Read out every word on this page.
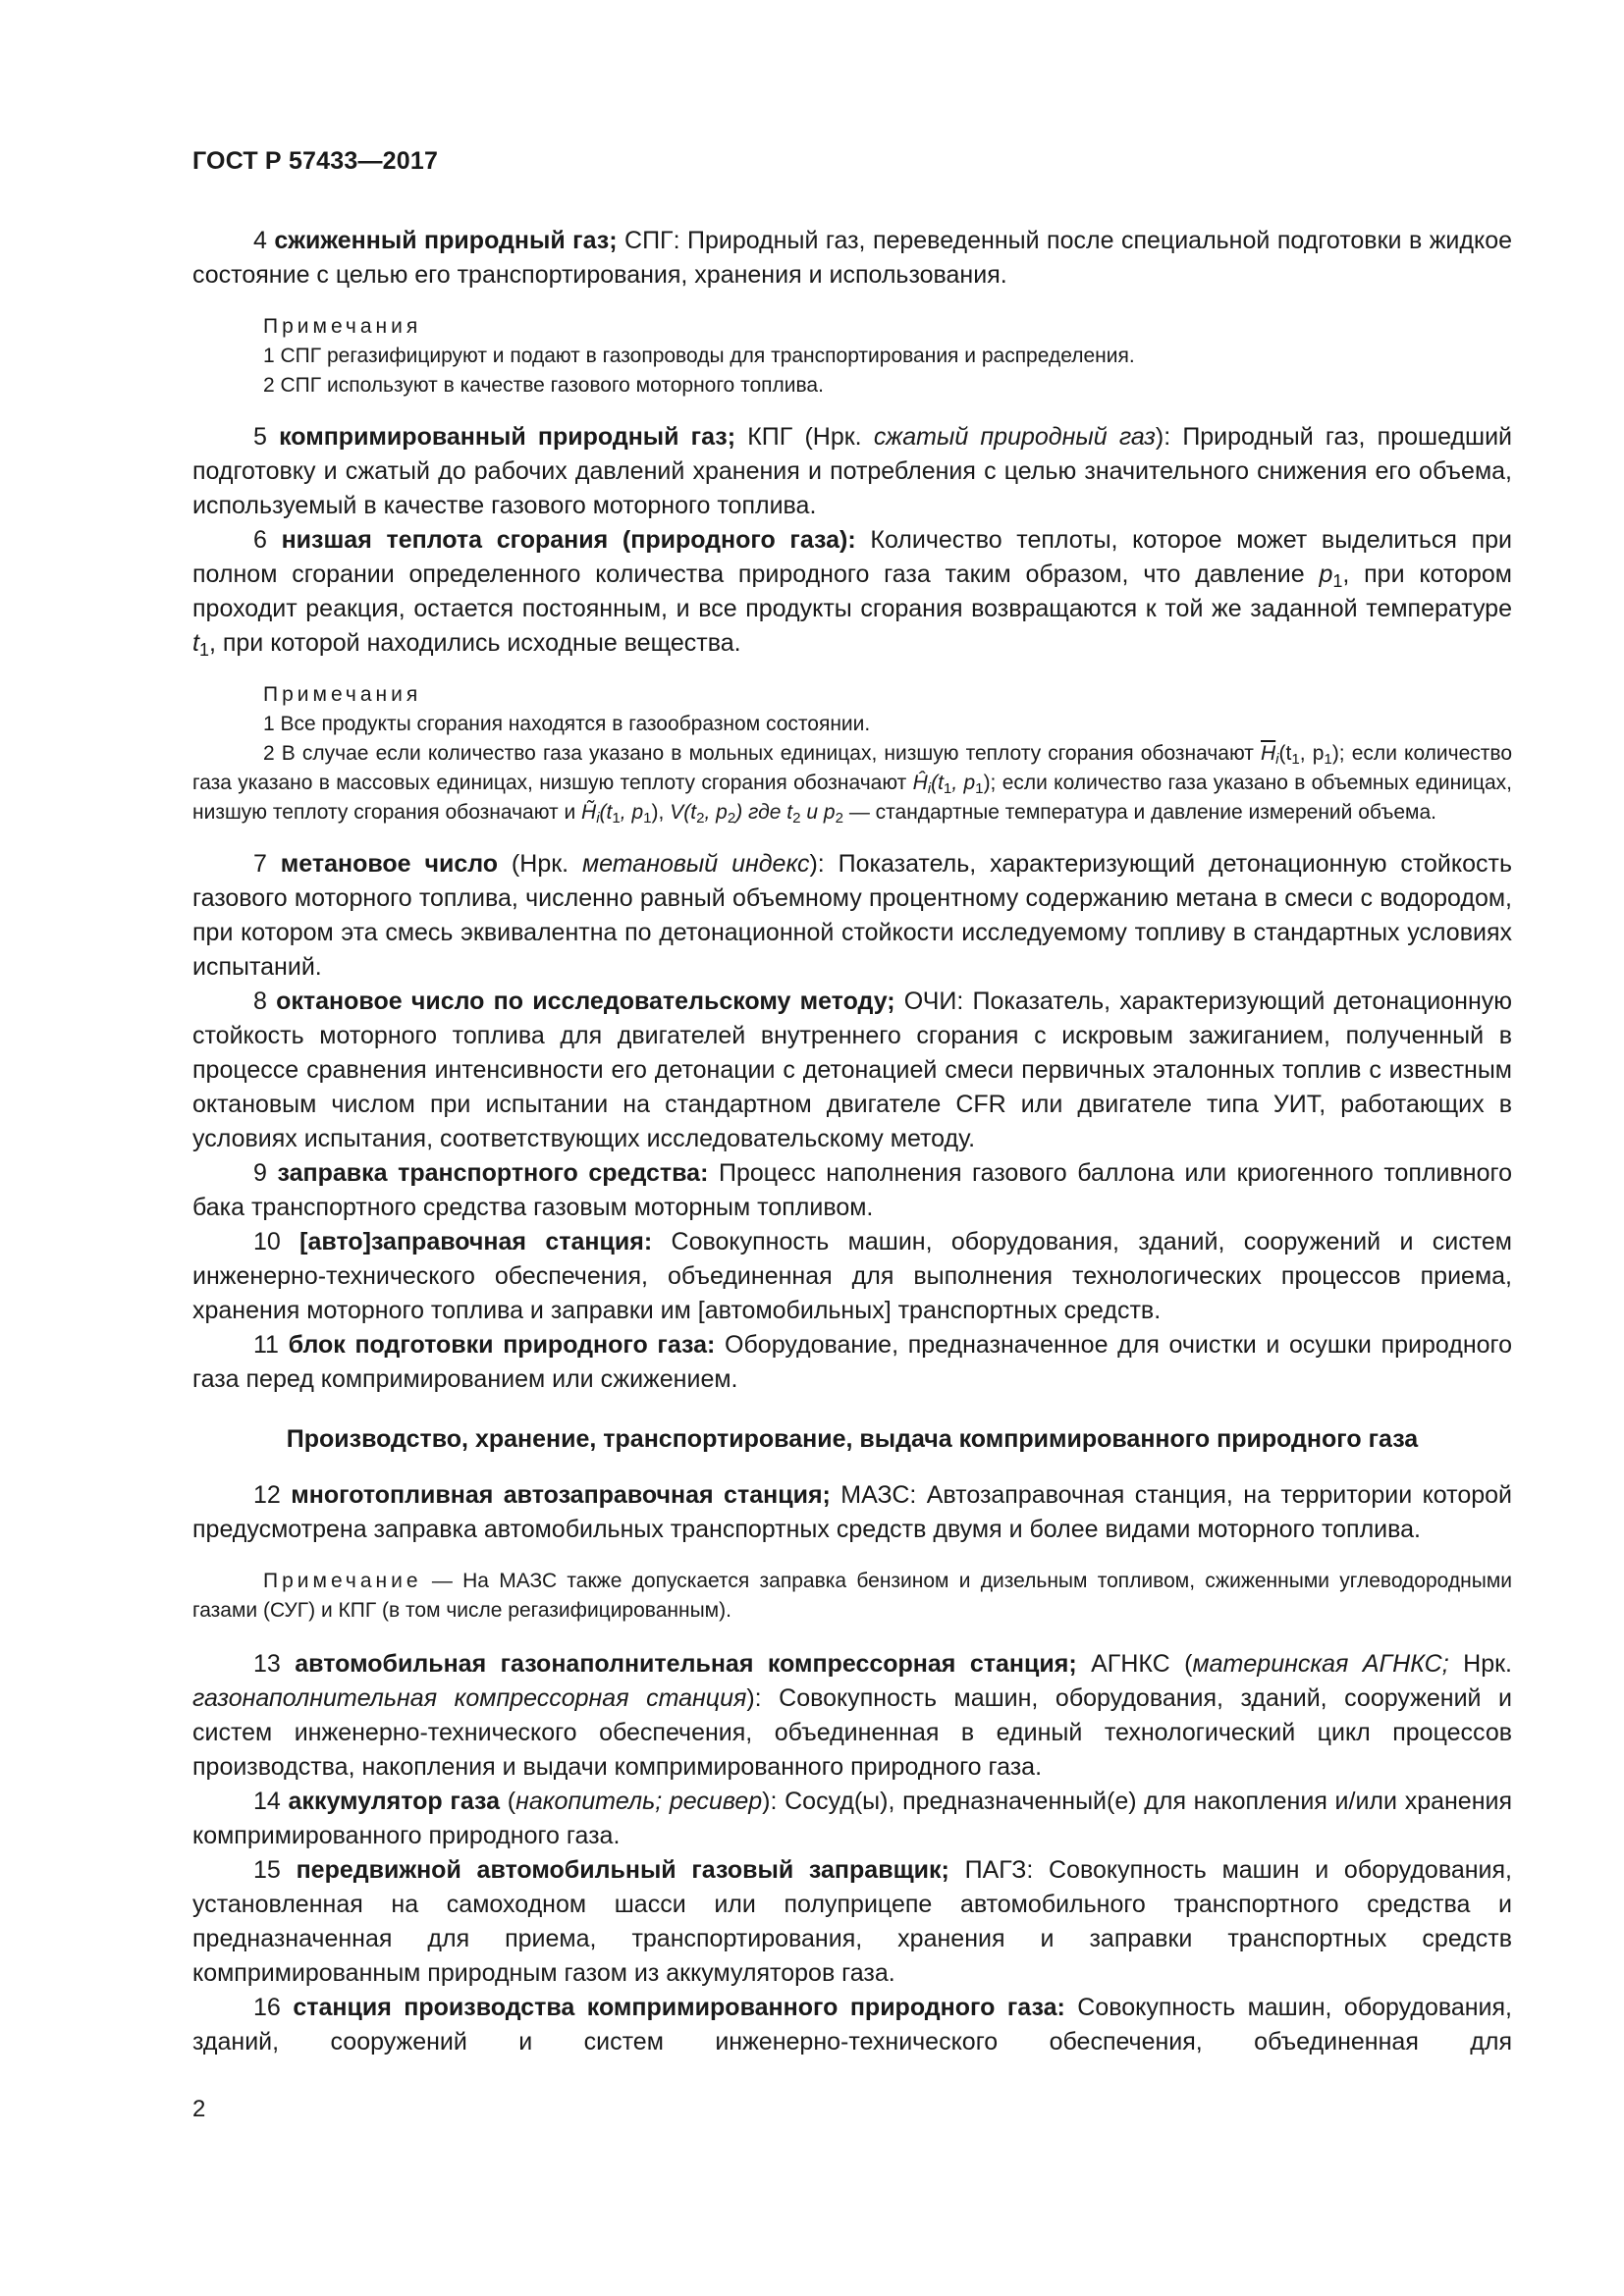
ГОСТ Р 57433—2017

4 сжиженный природный газ; СПГ: Природный газ, переведенный после специальной подготовки в жидкое состояние с целью его транспортирования, хранения и использования.

Примечания

1 СПГ регазифицируют и подают в газопроводы для транспортирования и распределения.

2 СПГ используют в качестве газового моторного топлива.

5 компримированный природный газ; КПГ (Нрк. сжатый природный газ): Природный газ, прошедший подготовку и сжатый до рабочих давлений хранения и потребления с целью значительного снижения его объема, используемый в качестве газового моторного топлива.

6 низшая теплота сгорания (природного газа): Количество теплоты, которое может выделиться при полном сгорании определенного количества природного газа таким образом, что давление $p_1$, при котором проходит реакция, остается постоянным, и все продукты сгорания возвращаются к той же заданной температуре $t_1$, при которой находились исходные вещества.

Примечания

1 Все продукты сгорания находятся в газообразном состоянии.

2 В случае если количество газа указано в мольных единицах, низшую теплоту сгорания обозначают $\overline{H}_i(t_1$, $p_1$); если количество газа указано в массовых единицах, низшую теплоту сгорания обозначают $Ĥ_i(t_1$, $p_1$); если количество газа указано в объемных единицах, низшую теплоту сгорания обозначают и $H̃_i(t_1$, $p_1$), $V(t_2$, $p_2$) где $t_2$ и $p_2$ — стандартные температура и давление измерений объема.

7 метановое число (Нрк. метановый индекс): Показатель, характеризующий детонационную стойкость газового моторного топлива, численно равный объемному процентному содержанию метана в смеси с водородом, при котором эта смесь эквивалентна по детонационной стойкости исследуемому топливу в стандартных условиях испытаний.

8 октановое число по исследовательскому методу; ОЧИ: Показатель, характеризующий детонационную стойкость моторного топлива для двигателей внутреннего сгорания с искровым зажиганием, полученный в процессе сравнения интенсивности его детонации с детонацией смеси первичных эталонных топлив с известным октановым числом при испытании на стандартном двигателе CFR или двигателе типа УИТ, работающих в условиях испытания, соответствующих исследовательскому методу.

9 заправка транспортного средства: Процесс наполнения газового баллона или криогенного топливного бака транспортного средства газовым моторным топливом.

10 [авто]заправочная станция: Совокупность машин, оборудования, зданий, сооружений и систем инженерно-технического обеспечения, объединенная для выполнения технологических процессов приема, хранения моторного топлива и заправки им [автомобильных] транспортных средств.

11 блок подготовки природного газа: Оборудование, предназначенное для очистки и осушки природного газа перед компримированием или сжижением.

Производство, хранение, транспортирование, выдача компримированного природного газа

12 многотопливная автозаправочная станция; МАЗС: Автозаправочная станция, на территории которой предусмотрена заправка автомобильных транспортных средств двумя и более видами моторного топлива.

Примечание — На МАЗС также допускается заправка бензином и дизельным топливом, сжиженными углеводородными газами (СУГ) и КПГ (в том числе регазифицированным).

13 автомобильная газонаполнительная компрессорная станция; АГНКС (материнская АГНКС; Нрк. газонаполнительная компрессорная станция): Совокупность машин, оборудования, зданий, сооружений и систем инженерно-технического обеспечения, объединенная в единый технологический цикл процессов производства, накопления и выдачи компримированного природного газа.

14 аккумулятор газа (накопитель; ресивер): Сосуд(ы), предназначенный(е) для накопления и/или хранения компримированного природного газа.

15 передвижной автомобильный газовый заправщик; ПАГЗ: Совокупность машин и оборудования, установленная на самоходном шасси или полуприцепе автомобильного транспортного средства и предназначенная для приема, транспортирования, хранения и заправки транспортных средств компримированным природным газом из аккумуляторов газа.

16 станция производства компримированного природного газа: Совокупность машин, оборудования, зданий, сооружений и систем инженерно-технического обеспечения, объединенная для

2
